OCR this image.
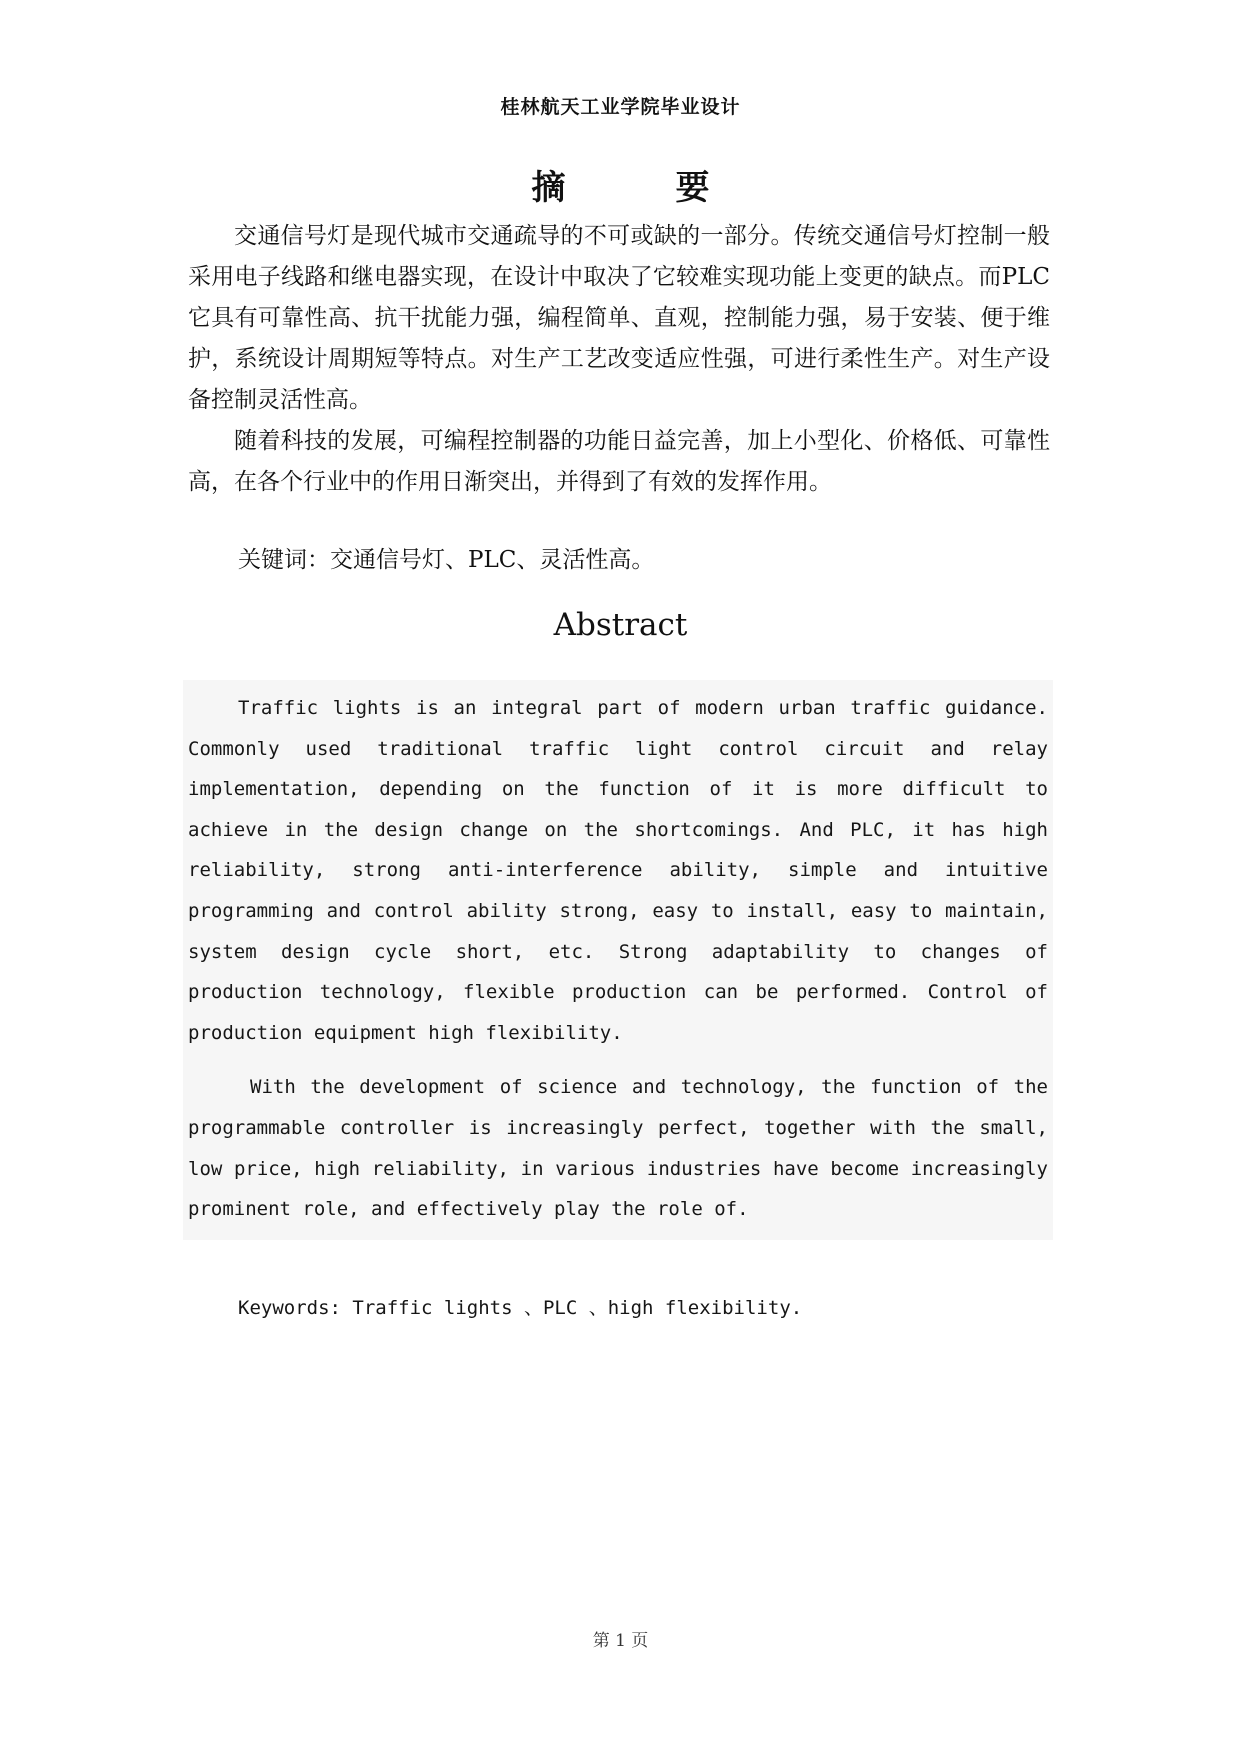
桂林航天工业学院毕业设计
摘要

交通信号灯是现代城市交通疏导的不可或缺的一部分。传统交通信号灯控制一般采用电子线路和继电器实现，在设计中取决了它较难实现功能上变更的缺点。而PLC它具有可靠性高、抗干扰能力强，编程简单、直观，控制能力强，易于安装、便于维护，系统设计周期短等特点。对生产工艺改变适应性强，可进行柔性生产。对生产设备控制灵活性高。

随着科技的发展，可编程控制器的功能日益完善，加上小型化、价格低、可靠性高，在各个行业中的作用日渐突出，并得到了有效的发挥作用。

关键词：交通信号灯、PLC、灵活性高。
Abstract

Traffic lights is an integral part of modern urban traffic guidance. Commonly used traditional traffic light control circuit and relay implementation, depending on the function of it is more difficult to achieve in the design change on the shortcomings. And PLC, it has high reliability, strong anti-interference ability, simple and intuitive programming and control ability strong, easy to install, easy to maintain, system design cycle short, etc. Strong adaptability to changes of production technology, flexible production can be performed. Control of production equipment high flexibility.

With the development of science and technology, the function of the programmable controller is increasingly perfect, together with the small, low price, high reliability, in various industries have become increasingly prominent role, and effectively play the role of.

Keywords: Traffic lights 、PLC 、high flexibility.
第 1 页
